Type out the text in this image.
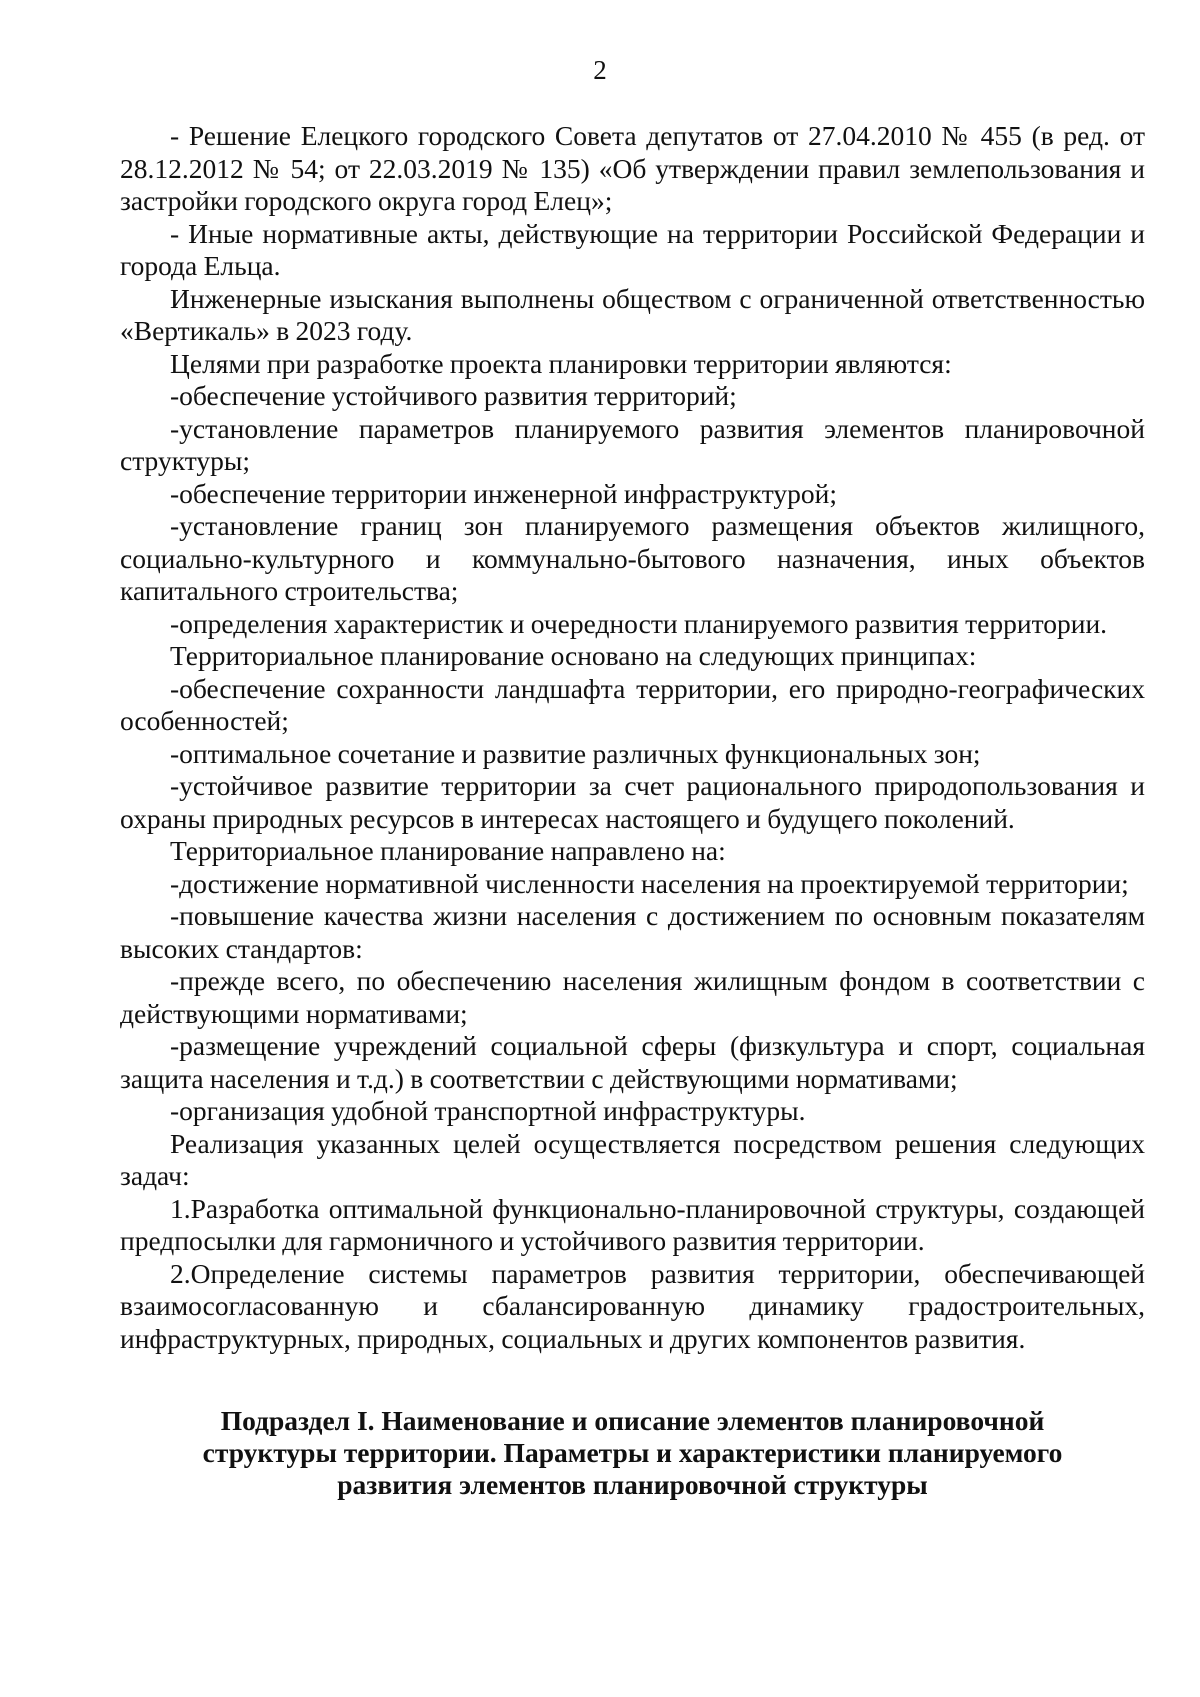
2

- Решение Елецкого городского Совета депутатов от 27.04.2010 № 455 (в ред. от 28.12.2012 № 54; от 22.03.2019 № 135) «Об утверждении правил землепользования и застройки городского округа город Елец»;

- Иные нормативные акты, действующие на территории Российской Федерации и города Ельца.

Инженерные изыскания выполнены обществом с ограниченной ответственностью «Вертикаль» в 2023 году.

Целями при разработке проекта планировки территории являются:

-обеспечение устойчивого развития территорий;

-установление параметров планируемого развития элементов планировочной структуры;

-обеспечение территории инженерной инфраструктурой;

-установление границ зон планируемого размещения объектов жилищного, социально-культурного и коммунально-бытового назначения, иных объектов капитального строительства;

-определения характеристик и очередности планируемого развития территории.

Территориальное планирование основано на следующих принципах:

-обеспечение сохранности ландшафта территории, его природно-географических особенностей;

-оптимальное сочетание и развитие различных функциональных зон;

-устойчивое развитие территории за счет рационального природопользования и охраны природных ресурсов в интересах настоящего и будущего поколений.

Территориальное планирование направлено на:

-достижение нормативной численности населения на проектируемой территории;

-повышение качества жизни населения с достижением по основным показателям высоких стандартов:

-прежде всего, по обеспечению населения жилищным фондом в соответствии с действующими нормативами;

-размещение учреждений социальной сферы (физкультура и спорт, социальная защита населения и т.д.) в соответствии с действующими нормативами;

-организация удобной транспортной инфраструктуры.

Реализация указанных целей осуществляется посредством решения следующих задач:

1.Разработка оптимальной функционально-планировочной структуры, создающей предпосылки для гармоничного и устойчивого развития территории.

2.Определение системы параметров развития территории, обеспечивающей взаимосогласованную и сбалансированную динамику градостроительных, инфраструктурных, природных, социальных и других компонентов развития.

Подраздел I. Наименование и описание элементов планировочной структуры территории. Параметры и характеристики планируемого развития элементов планировочной структуры
